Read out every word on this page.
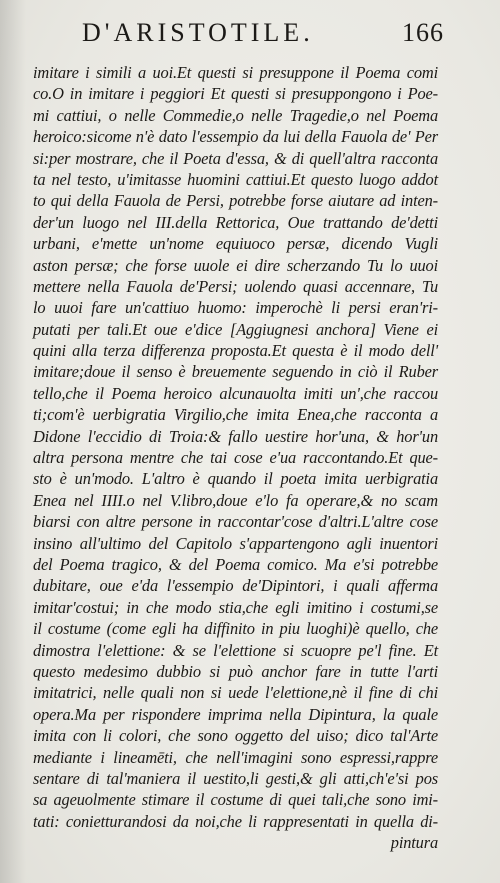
D'ARISTOTILE.	166
imitare i simili a uoi.Et questi si presuppone il Poema comi
co.O in imitare i peggiori Et questi si presuppongono i Poe-
mi cattiui, o nelle Commedie,o nelle Tragedie,o nel Poema
heroico:sicome n'è dato l'essempio da lui della Fauola de' Per
si:per mostrare, che il Poeta d'essa, & di quell'altra racconta
ta nel testo, u'imitasse huomini cattiui.Et questo luogo addot
to qui della Fauola de Persi, potrebbe forse aiutare ad inten-
der'un luogo nel III.della Rettorica, Oue trattando de'detti
urbani, e'mette un'nome equiuoco persæ, dicendo Vugli
aston persæ; che forse uuole ei dire scherzando Tu lo uuoi
mettere nella Fauola de'Persi; uolendo quasi accennare, Tu
lo uuoi fare un'cattiuo huomo: imperochè li persi eran'ri-
putati per tali.Et oue e'dice [Aggiugnesi anchora] Viene ei
quini alla terza differenza proposta.Et questa è il modo dell'
imitare;doue il senso è breuemente seguendo in ciò il Ruber
tello,che il Poema heroico alcunauolta imiti un',che raccou
ti;com'è uerbigratia Virgilio,che imita Enea,che racconta a
Didone l'eccidio di Troia:& fallo uestire hor'una, & hor'un
altra persona mentre che tai cose e'ua raccontando.Et que-
sto è un'modo. L'altro è quando il poeta imita uerbigratia
Enea nel IIII.o nel V.libro,doue e'lo fa operare,& no scam
biarsi con altre persone in raccontar'cose d'altri.L'altre cose
insino all'ultimo del Capitolo s'appartengono agli inuentori
del Poema tragico, & del Poema comico. Ma e'si potrebbe
dubitare, oue e'da l'essempio de'Dipintori, i quali afferma
imitar'costui; in che modo stia,che egli imitino i costumi,se
il costume (come egli ha diffinito in piu luoghi)è quello, che
dimostra l'elettione: & se l'elettione si scuopre pe'l fine. Et
questo medesimo dubbio si può anchor fare in tutte l'arti
imitatrici, nelle quali non si uede l'elettione,nè il fine di chi
opera.Ma per rispondere imprima nella Dipintura, la quale
imita con li colori, che sono oggetto del uiso; dico tal'Arte
mediante i lineamēti, che nell'imagini sono espressi,rappre
sentare di tal'maniera il uestito,li gesti,& gli atti,ch'e'si pos
sa ageuolmente stimare il costume di quei tali,che sono imi-
tati: conietturandosi da noi,che li rappresentati in quella di-
pintura
